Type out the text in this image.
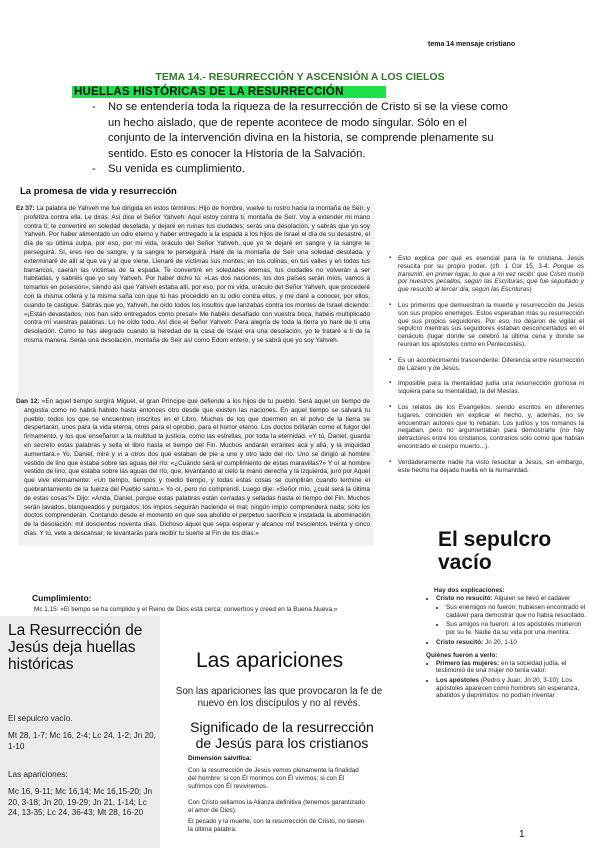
tema 14 mensaje cristiano
TEMA 14.- RESURRECCIÓN Y ASCENSIÓN A LOS CIELOS
HUELLAS HISTÓRICAS DE LA RESURRECCIÓN

- No se entendería toda la riqueza de la resurrección de Cristo si se la viese como un hecho aislado, que de repente acontece de modo singular. Sólo en el conjunto de la intervención divina en la historia, se comprende plenamente su sentido. Esto es conocer la Historia de la Salvación.

- Su venida es cumplimiento.

La promesa de vida y resurrección
Ez 37: La palabra de Yahveh me fue dirigida en estos términos: Hijo de hombre, vuelve tu rostro hacia la montaña de Seír, y profetiza contra ella. Le dirás: Así dice el Señor Yahveh: Aquí estoy contra ti, montaña de Seír. Voy a extender mi mano contra ti; te convertiré en soledad desolada, y dejaré en ruinas tus ciudades; serás una desolación, y sabrás que yo soy Yahveh. Por haber alimentado un odio eterno y haber entregado a la espada a los hijos de Israel el día de su desastre, el día de su última culpa, por eso, por mi vida, oráculo del Señor Yahveh, que yo te dejaré en sangre y la sangre te perseguirá. Sí, eres reo de sangre, y la sangre te perseguirá. Haré de la montaña de Seír una soledad desolada, y exterminaré de allí al que va y al que viene. Llenaré de víctimas sus montes; en tus colinas, en tus valles y en todos tus barrancos, caerán las víctimas de la espada. Te convertiré en soledades eternas, tus ciudades no volverán a ser habitadas, y sabréis que yo soy Yahveh. Por haber dicho tú: «Las dos naciones, los dos países serán míos, vamos a tomarlos en posesión», siendo así que Yahveh estaba allí, por eso, por mi vida, oráculo del Señor Yahveh, que procederé con la misma cólera y la misma saña con que tú has procedido en tu odio contra ellos, y me daré a conocer, por ellos, cuando te castigue. Sabrás que yo, Yahveh, he oído todos los insultos que lanzabas contra los montes de Israel diciendo: «¡Están devastados, nos han sido entregados como presa!» Me habéis desafiado con vuestra boca, habéis multiplicado contra mí vuestras palabras. Lo he oído todo. Así dice el Señor Yahveh: Para alegría de toda la tierra yo haré de ti una desolación. Como te has alegrado cuando la heredad de la casa de Israel era una desolación, yo te trataré a ti de la misma manera. Serás una desolación, montaña de Seír así como Edom entero, y se sabrá que yo soy Yahveh.
Dan 12: «En aquel tiempo surgirá Miguel, el gran Príncipe que defiende a los hijos de tu pueblo. Será aquel un tiempo de angustia como no habrá habido hasta entonces otro desde que existen las naciones. En aquel tiempo se salvará tu pueblo: todos los que se encuentren inscritos en el Libro. Muchos de los que duermen en el polvo de la tierra se despertarán, unos para la vida eterna, otros para el oprobio, para el horror eterno. Los doctos brillarán como el fulgor del firmamento, y los que enseñaron a la multitud la justicia, como las estrellas, por toda la eternidad. «Y tú, Daniel, guarda en secreto estas palabras y sella el libro hasta el tiempo del Fin. Muchos andarán errantes acá y allá, y la iniquidad aumentará.» Yo, Daniel, miré y vi a otros dos que estaban de pie a uno y otro lado del río. Uno se dirigió al hombre vestido de lino que estaba sobre las aguas del río: «¿Cuándo será el cumplimiento de estas maravillas?» Y oí al hombre vestido de lino, que estaba sobre las aguas del río, que, levantando al cielo la mano derecha y la izquierda, juró por Aquel que vive eternamente: «Un tiempo, tiempos y medio tiempo, y todas estas cosas se cumplirán cuando termine el quebrantamiento de la fuerza del Pueblo santo.» Yo oí, pero no comprendí. Luego dije: «Señor mío, ¿cuál será la última de estas cosas?» Dijo: «Anda, Daniel, porque estas palabras están cerradas y selladas hasta el tiempo del Fin. Muchos serán lavados, blanqueados y purgados; los impíos seguirán haciendo el mal; ningún impío comprenderá nada; sólo los doctos comprenderán. Contando desde el momento en que sea abolido el perpetuo sacrificio e instalada la abominación de la desolación: mil doscientos noventa días. Dichoso aquel que sepa esperar y alcance mil trescientos treinta y cinco días. Y tú, vete a descansar; te levantarás para recibir tu suerte al Fin de los días.»
Cumplimiento:
Mc 1,15: «El tiempo se ha cumplido y el Reino de Dios está cerca; convertíos y creed en la Buena Nueva.»
▪ Esto explica por qué es esencial para la fe cristiana. Jesús resucita por su propio poder. (cfr. 1 Cor 15, 3-4: Porque os transmití, en primer lugar, lo que a mi vez recibí: que Cristo murió por nuestros pecados, según las Escrituras; que fue sepultado y que resucitó al tercer día, según las Escrituras)
▪ Los primeros que demuestran la muerte y resurrección de Jesús son sus propios enemigos. Estos esperaban más su resurrección que sus propios seguidores. Por eso, no dejaron de vigilar el sepulcro mientras sus seguidores estaban desconcertados en el cenáculo (lugar donde se celebró la última cena y donde se reunían los apóstoles como en Pentecostés).
▪ Es un acontecimiento trascendente: Diferencia entre resurrección de Lázaro y de Jesús.
▪ Imposible para la mentalidad judía una resurrección gloriosa ni siquiera para su mentalidad, la del Mesías.
▪ Los relatos de los Evangelios, siendo escritos en diferentes lugares, coinciden en explicar el hecho, y, además, no se encuentran autores que lo rebatan. Los judíos y los romanos la negaban, pero no argumentaban para demostrarlo (no hay detractores entre los cristianos, contrarios sólo como que habían encontrado el cuerpo muerto...).
▪ Verdaderamente nadie ha visto resucitar a Jesús, sin embargo, este hecho ha dejado huella en la humanidad.
El sepulcro vacío
Hay dos explicaciones:
• Cristo no resucitó: Alguien se llevó el cadáver
• Sus enemigos no fueron: hubiesen encontrado el cadáver para demostrar que no había resucitado.
• Sus amigos no fueron: a los apóstoles murieron por su fe. Nadie da su vida por una mentira.
• Cristo resucitó: Jn 20, 1-10
Quiénes fueron a verlo:
• Primero las mujeres: en la sociedad judía, el testimonio de una mujer no tenía valor.
• Los apóstoles (Pedro y Juan: Jn 20, 3-10): Los apóstoles aparecen como hombres sin esperanza, abatidos y deprimidos: no podían inventar
La Resurrección de Jesús deja huellas históricas
El sepulcro vacío.
Mt 28, 1-7; Mc 16, 2-4; Lc 24, 1-2; Jn 20, 1-10
Las apariciones:
Mc 16, 9-11; Mc 16,14; Mc 16,15-20; Jn 20, 3-18; Jn 20, 19-29; Jn 21, 1-14; Lc 24, 13-35; Lc 24, 36-43; Mt 28, 16-20
Las apariciones
Son las apariciones las que provocaron la fe de nuevo en los discípulos y no al revés.
Significado de la resurrección de Jesús para los cristianos
Dimensión salvífica:
Con la resurrección de Jesús vemos plenamente la finalidad del hombre: si con Él morimos con Él vivimos; si con Él sufrimos con Él reviviremos.
Con Cristo sellamos la Alianza definitiva (tenemos garantizado el amor de Dios).
El pecado y la muerte, con la resurrección de Cristo, no tienen la última palabra.	1
